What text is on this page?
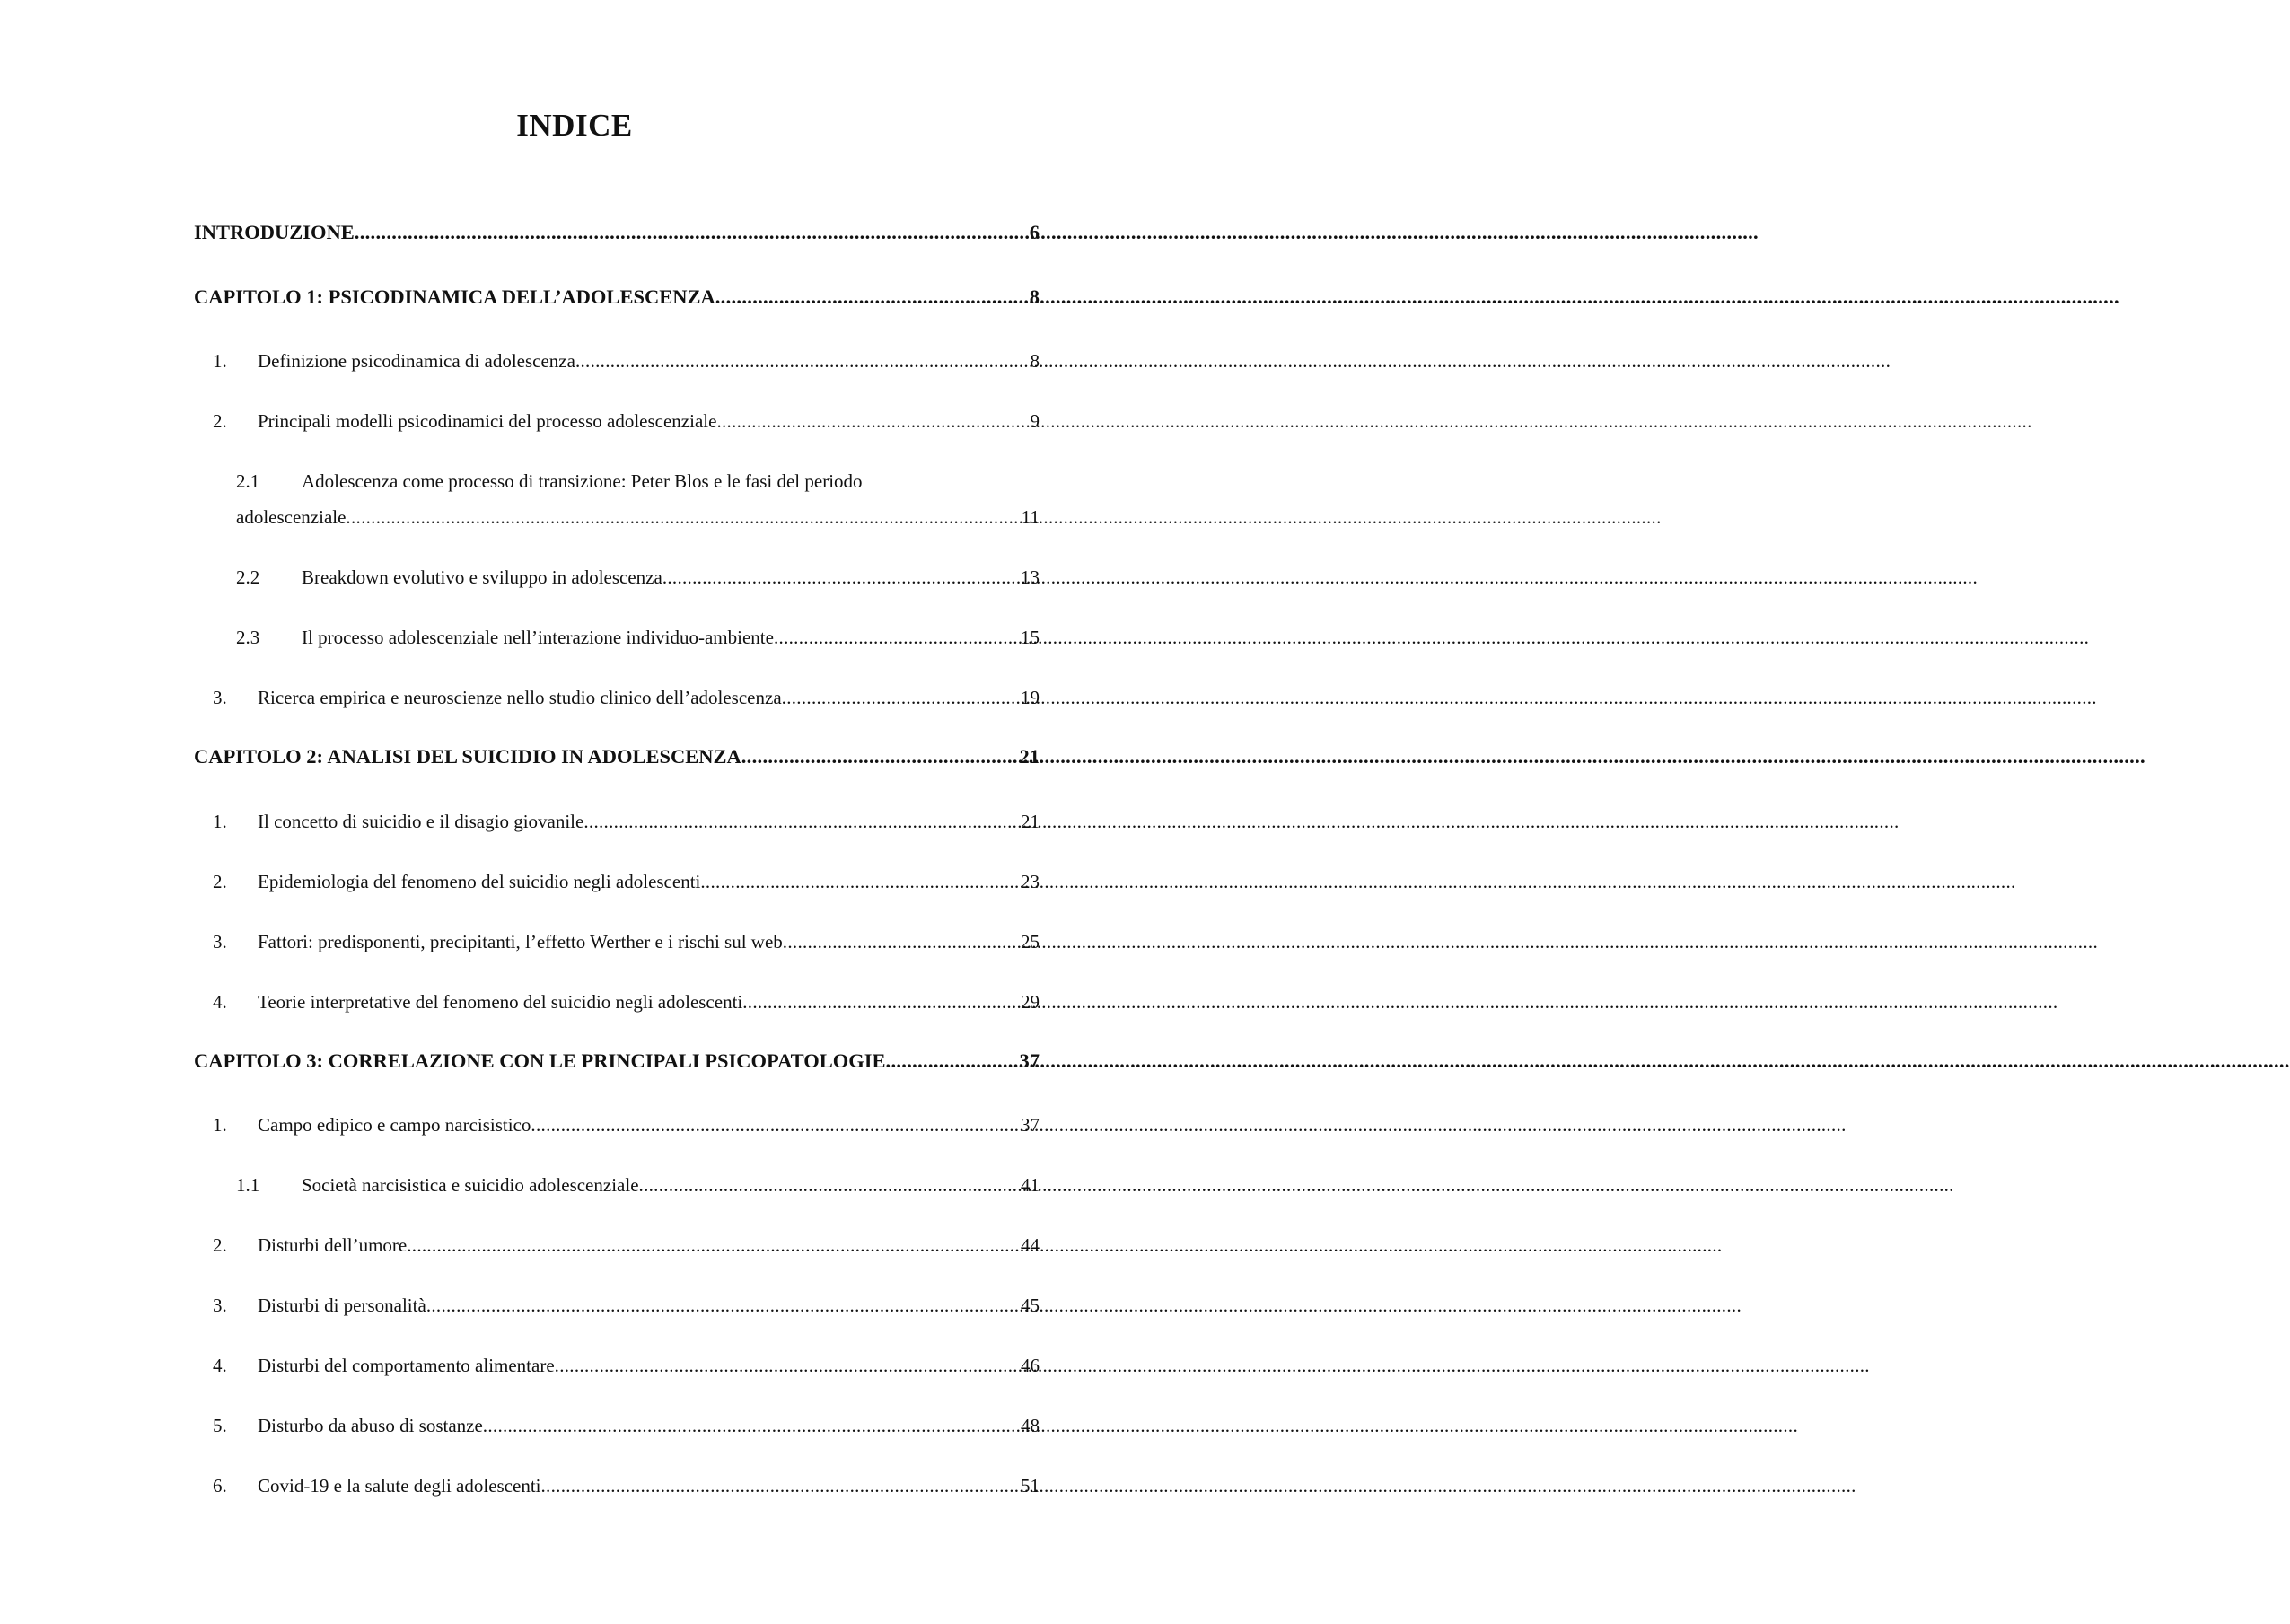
INDICE
INTRODUZIONE .....	6
CAPITOLO 1: PSICODINAMICA DELL’ADOLESCENZA .....	8
1.	Definizione psicodinamica di adolescenza .....	8
2.	Principali modelli psicodinamici del processo adolescenziale .....	9
2.1	Adolescenza come processo di transizione: Peter Blos e le fasi del periodo
adolescenziale .....	11
2.2	Breakdown evolutivo e sviluppo in adolescenza .....	13
2.3	Il processo adolescenziale nell’interazione individuo-ambiente .....	15
3.	Ricerca empirica e neuroscienze nello studio clinico dell’adolescenza .....	19
CAPITOLO 2: ANALISI DEL SUICIDIO IN ADOLESCENZA .....	21
1.	Il concetto di suicidio e il disagio giovanile .....	21
2.	Epidemiologia del fenomeno del suicidio negli adolescenti .....	23
3.	Fattori: predisponenti, precipitanti, l’effetto Werther e i rischi sul web .....	25
4.	Teorie interpretative del fenomeno del suicidio negli adolescenti .....	29
CAPITOLO 3: CORRELAZIONE CON LE PRINCIPALI PSICOPATOLOGIE .....	37
1.	Campo edipico e campo narcisistico .....	37
1.1	Società narcisistica e suicidio adolescenziale .....	41
2.	Disturbi dell’umore .....	44
3.	Disturbi di personalità .....	45
4.	Disturbi del comportamento alimentare .....	46
5.	Disturbo da abuso di sostanze .....	48
6.	Covid-19 e la salute degli adolescenti .....	51
